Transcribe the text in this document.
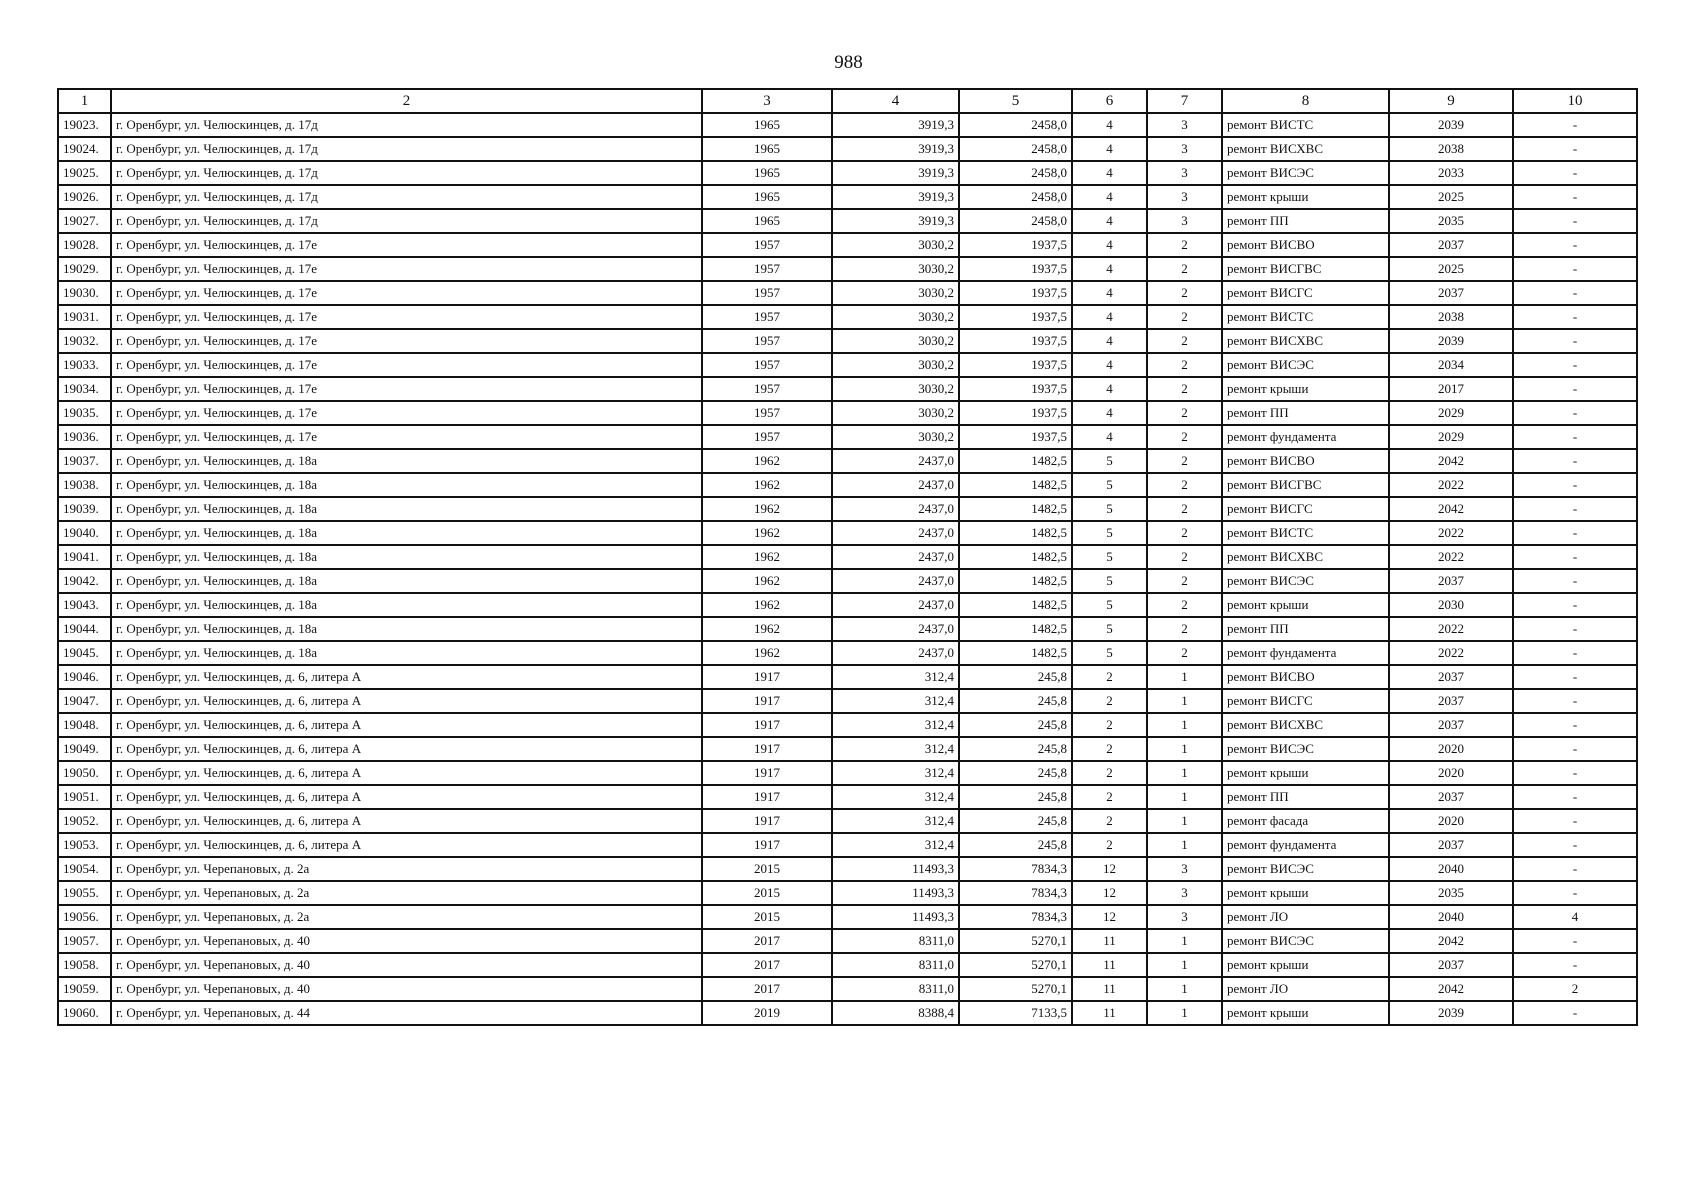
988
1	2	3	4	5	6	7	8	9	10
19023.	г. Оренбург, ул. Челюскинцев, д. 17д	1965	3919,3	2458,0	4	3	ремонт ВИСТС	2039	-
19024.	г. Оренбург, ул. Челюскинцев, д. 17д	1965	3919,3	2458,0	4	3	ремонт ВИСХВС	2038	-
19025.	г. Оренбург, ул. Челюскинцев, д. 17д	1965	3919,3	2458,0	4	3	ремонт ВИСЭС	2033	-
19026.	г. Оренбург, ул. Челюскинцев, д. 17д	1965	3919,3	2458,0	4	3	ремонт крыши	2025	-
19027.	г. Оренбург, ул. Челюскинцев, д. 17д	1965	3919,3	2458,0	4	3	ремонт ПП	2035	-
19028.	г. Оренбург, ул. Челюскинцев, д. 17е	1957	3030,2	1937,5	4	2	ремонт ВИСВО	2037	-
19029.	г. Оренбург, ул. Челюскинцев, д. 17е	1957	3030,2	1937,5	4	2	ремонт ВИСГВС	2025	-
19030.	г. Оренбург, ул. Челюскинцев, д. 17е	1957	3030,2	1937,5	4	2	ремонт ВИСГС	2037	-
19031.	г. Оренбург, ул. Челюскинцев, д. 17е	1957	3030,2	1937,5	4	2	ремонт ВИСТС	2038	-
19032.	г. Оренбург, ул. Челюскинцев, д. 17е	1957	3030,2	1937,5	4	2	ремонт ВИСХВС	2039	-
19033.	г. Оренбург, ул. Челюскинцев, д. 17е	1957	3030,2	1937,5	4	2	ремонт ВИСЭС	2034	-
19034.	г. Оренбург, ул. Челюскинцев, д. 17е	1957	3030,2	1937,5	4	2	ремонт крыши	2017	-
19035.	г. Оренбург, ул. Челюскинцев, д. 17е	1957	3030,2	1937,5	4	2	ремонт ПП	2029	-
19036.	г. Оренбург, ул. Челюскинцев, д. 17е	1957	3030,2	1937,5	4	2	ремонт фундамента	2029	-
19037.	г. Оренбург, ул. Челюскинцев, д. 18а	1962	2437,0	1482,5	5	2	ремонт ВИСВО	2042	-
19038.	г. Оренбург, ул. Челюскинцев, д. 18а	1962	2437,0	1482,5	5	2	ремонт ВИСГВС	2022	-
19039.	г. Оренбург, ул. Челюскинцев, д. 18а	1962	2437,0	1482,5	5	2	ремонт ВИСГС	2042	-
19040.	г. Оренбург, ул. Челюскинцев, д. 18а	1962	2437,0	1482,5	5	2	ремонт ВИСТС	2022	-
19041.	г. Оренбург, ул. Челюскинцев, д. 18а	1962	2437,0	1482,5	5	2	ремонт ВИСХВС	2022	-
19042.	г. Оренбург, ул. Челюскинцев, д. 18а	1962	2437,0	1482,5	5	2	ремонт ВИСЭС	2037	-
19043.	г. Оренбург, ул. Челюскинцев, д. 18а	1962	2437,0	1482,5	5	2	ремонт крыши	2030	-
19044.	г. Оренбург, ул. Челюскинцев, д. 18а	1962	2437,0	1482,5	5	2	ремонт ПП	2022	-
19045.	г. Оренбург, ул. Челюскинцев, д. 18а	1962	2437,0	1482,5	5	2	ремонт фундамента	2022	-
19046.	г. Оренбург, ул. Челюскинцев, д. 6, литера А	1917	312,4	245,8	2	1	ремонт ВИСВО	2037	-
19047.	г. Оренбург, ул. Челюскинцев, д. 6, литера А	1917	312,4	245,8	2	1	ремонт ВИСГС	2037	-
19048.	г. Оренбург, ул. Челюскинцев, д. 6, литера А	1917	312,4	245,8	2	1	ремонт ВИСХВС	2037	-
19049.	г. Оренбург, ул. Челюскинцев, д. 6, литера А	1917	312,4	245,8	2	1	ремонт ВИСЭС	2020	-
19050.	г. Оренбург, ул. Челюскинцев, д. 6, литера А	1917	312,4	245,8	2	1	ремонт крыши	2020	-
19051.	г. Оренбург, ул. Челюскинцев, д. 6, литера А	1917	312,4	245,8	2	1	ремонт ПП	2037	-
19052.	г. Оренбург, ул. Челюскинцев, д. 6, литера А	1917	312,4	245,8	2	1	ремонт фасада	2020	-
19053.	г. Оренбург, ул. Челюскинцев, д. 6, литера А	1917	312,4	245,8	2	1	ремонт фундамента	2037	-
19054.	г. Оренбург, ул. Черепановых, д. 2а	2015	11493,3	7834,3	12	3	ремонт ВИСЭС	2040	-
19055.	г. Оренбург, ул. Черепановых, д. 2а	2015	11493,3	7834,3	12	3	ремонт крыши	2035	-
19056.	г. Оренбург, ул. Черепановых, д. 2а	2015	11493,3	7834,3	12	3	ремонт ЛО	2040	4
19057.	г. Оренбург, ул. Черепановых, д. 40	2017	8311,0	5270,1	11	1	ремонт ВИСЭС	2042	-
19058.	г. Оренбург, ул. Черепановых, д. 40	2017	8311,0	5270,1	11	1	ремонт крыши	2037	-
19059.	г. Оренбург, ул. Черепановых, д. 40	2017	8311,0	5270,1	11	1	ремонт ЛО	2042	2
19060.	г. Оренбург, ул. Черепановых, д. 44	2019	8388,4	7133,5	11	1	ремонт крыши	2039	-
